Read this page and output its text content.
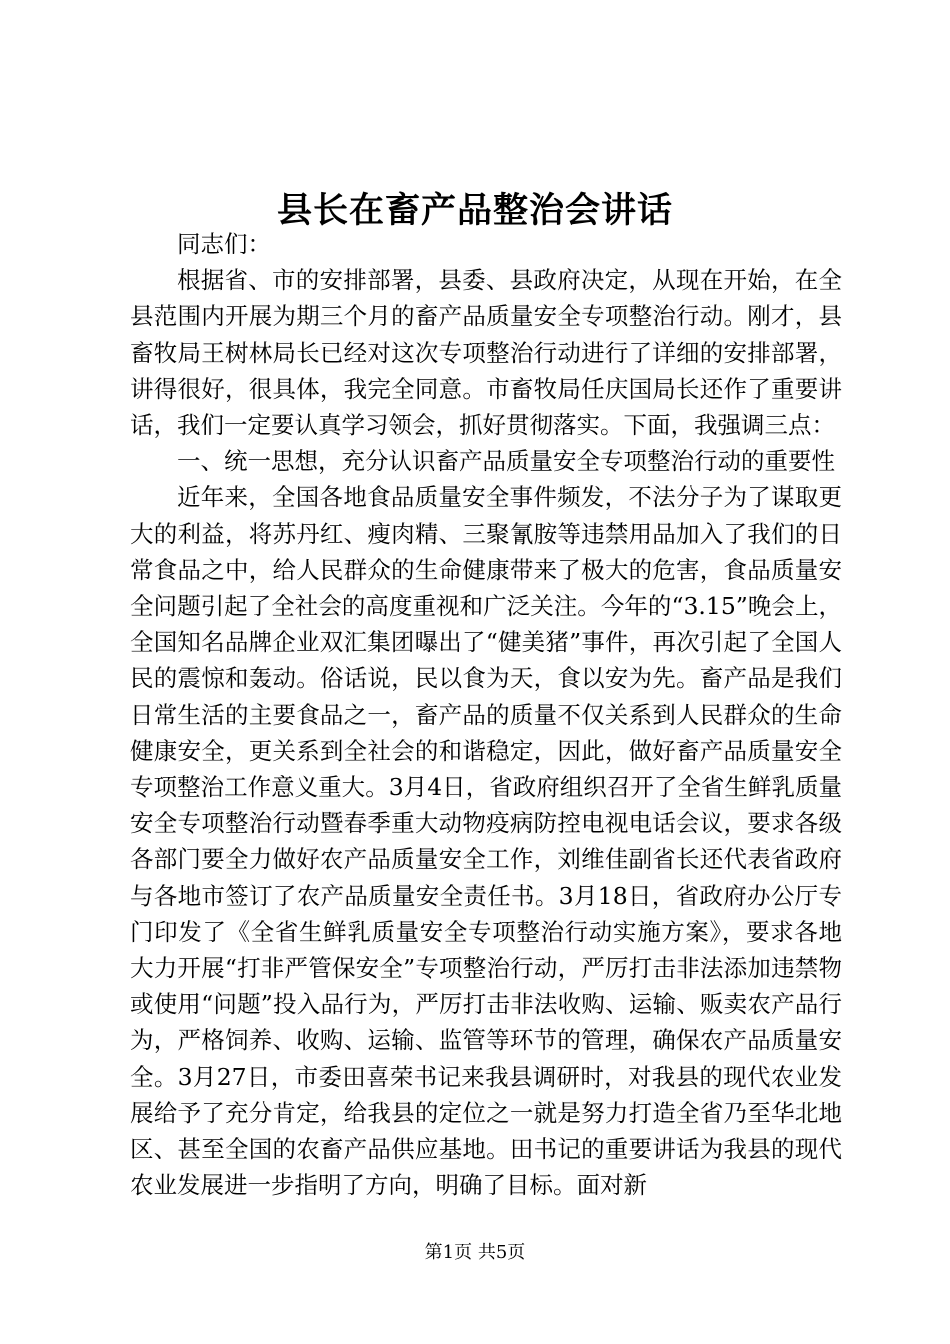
县长在畜产品整治会讲话

同志们：

根据省、市的安排部署，县委、县政府决定，从现在开始，在全县范围内开展为期三个月的畜产品质量安全专项整治行动。刚才，县畜牧局王树林局长已经对这次专项整治行动进行了详细的安排部署，讲得很好，很具体，我完全同意。市畜牧局任庆国局长还作了重要讲话，我们一定要认真学习领会，抓好贯彻落实。下面，我强调三点：

一、统一思想，充分认识畜产品质量安全专项整治行动的重要性

近年来，全国各地食品质量安全事件频发，不法分子为了谋取更大的利益，将苏丹红、瘦肉精、三聚氰胺等违禁用品加入了我们的日常食品之中，给人民群众的生命健康带来了极大的危害，食品质量安全问题引起了全社会的高度重视和广泛关注。今年的“3.15”晚会上，全国知名品牌企业双汇集团曝出了“健美猪”事件，再次引起了全国人民的震惊和轰动。俗话说，民以食为天，食以安为先。畜产品是我们日常生活的主要食品之一，畜产品的质量不仅关系到人民群众的生命健康安全，更关系到全社会的和谐稳定，因此，做好畜产品质量安全专项整治工作意义重大。3月4日，省政府组织召开了全省生鲜乳质量安全专项整治行动暨春季重大动物疫病防控电视电话会议，要求各级各部门要全力做好农产品质量安全工作，刘维佳副省长还代表省政府与各地市签订了农产品质量安全责任书。3月18日，省政府办公厅专门印发了《全省生鲜乳质量安全专项整治行动实施方案》，要求各地大力开展“打非严管保安全”专项整治行动，严厉打击非法添加违禁物或使用“问题”投入品行为，严厉打击非法收购、运输、贩卖农产品行为，严格饲养、收购、运输、监管等环节的管理，确保农产品质量安全。3月27日，市委田喜荣书记来我县调研时，对我县的现代农业发展给予了充分肯定，给我县的定位之一就是努力打造全省乃至华北地区、甚至全国的农畜产品供应基地。田书记的重要讲话为我县的现代农业发展进一步指明了方向，明确了目标。面对新

第1页 共5页
